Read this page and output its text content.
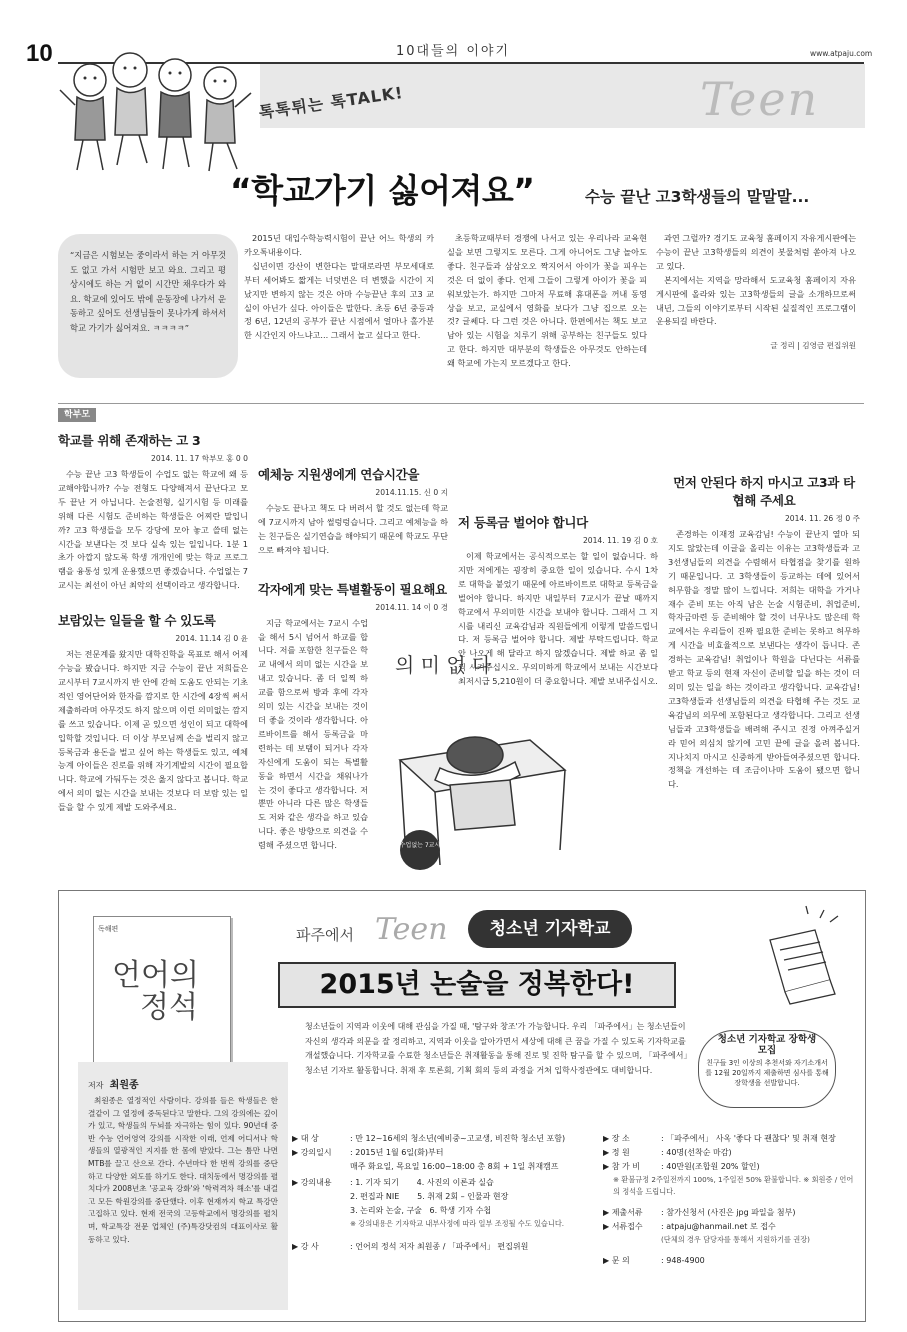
10	10대들의 이야기	www.atpaju.com
Teen
톡톡튀는 톡TALK!
“학교가기 싫어져요”	수능 끝난 고3학생들의 말말말...
“지금은 시험보는 중이라서 하는 거 아무것도 없고 가서 시험만 보고 와요. 그리고 평상시에도 하는 거 없이 시간만 채우다가 와요. 학교에 있어도 밖에 운동장에 나가서 운동하고 싶어도 선생님들이 못나가게 하셔서 학교 가기가 싫어져요. ㅋㅋㅋㅋ”

2015년 대입수학능력시험이 끝난 어느 학생의 카카오톡내용이다.

십년이면 강산이 변한다는 말대로라면 부모세대로부터 세어봐도 짧게는 너덧번은 더 변했을 시간이 지났지만 변하지 않는 것은 아마 수능끝난 후의 고3 교실이 아닌가 싶다. 아이들은 말한다. 초등 6년 중등과정 6년, 12년의 공부가 끝난 시점에서 얼마나 홀가분한 시간인지 아느냐고... 그래서 놀고 싶다고 한다.

초등학교때부터 경쟁에 나서고 있는 우리나라 교육현실을 보면 그렇지도 모른다. 그게 아니어도 그냥 놀아도 좋다. 친구들과 삼삼오오 짝지어서 아이가 꽃을 피우는 것은 더 없이 좋다. 언제 그들이 그렇게 아이가 꽃을 피워보았는가. 하지만 그마저 무료해 휴대폰을 꺼내 동영상을 보고, 교실에서 영화를 보다가 그냥 집으로 오는 것? 글쎄다. 다 그런 것은 아니다. 한편에서는 책도 보고 남아 있는 시험을 치루기 위해 공부하는 친구들도 있다고 한다. 하지만 대부분의 학생들은 아무것도 안하는데 왜 학교에 가는지 모르겠다고 한다.

과연 그럴까? 경기도 교육청 홈페이지 자유게시판에는 수능이 끝난 고3학생들의 의견이 봇물처럼 쏟아져 나오고 있다.

본지에서는 지역을 망라해서 도교육청 홈페이지 자유게시판에 올라와 있는 고3학생들의 글을 소개하므로써 내년, 그들의 이야기로부터 시작된 실질적인 프로그램이 운용되길 바란다.

글 정리 | 김영금 편집위원
학부모
학교를 위해 존재하는 고 3
2014. 11. 17 학부모 홍 0 0

수능 끝난 고3 학생들이 수업도 없는 학교에 왜 등교해야합니까? 수능 전형도 다양해져서 끝난다고 모두 끝난 거 아닙니다. 논술전형, 실기시험 등 미래를 위해 다른 시험도 준비하는 학생들은 어찌란 말입니까? 고3 학생들을 모두 강당에 모아 놓고 쓸데 없는 시간을 보낸다는 것 보다 실속 있는 일입니다. 1분 1초가 아깝지 않도록 학생 개개인에 맞는 학교 프로그램을 융통성 있게 운용했으면 좋겠습니다. 수업없는 7교시는 최선이 아닌 최악의 선택이라고 생각합니다.

보람있는 일들을 할 수 있도록
2014. 11.14 김 0 윤

저는 전문계를 왔지만 대학진학을 목표로 해서 어제 수능을 봤습니다. 하지만 지금 수능이 끝난 저희들은 교시부터 7교시까지 반 안에 갇혀 도움도 안되는 기초적인 영어단어와 한자를 깜지로 한 시간에 4장씩 써서 제출하라며 아무것도 하지 않으며 이런 의미없는 깜지를 쓰고 있습니다. 이제 곧 있으면 성인이 되고 대학에 입학할 것입니다. 더 이상 부모님께 손을 벌리지 않고 등록금과 용돈을 벌고 싶어 하는 학생들도 있고, 예체능계 아이들은 진로를 위해 자기계발의 시간이 필요합니다. 학교에 가둬두는 것은 옳지 않다고 봅니다. 학교에서 의미 없는 시간을 보내는 것보다 더 보람 있는 일들을 할 수 있게 제발 도와주세요.

예체능 지원생에게 연습시간을
2014.11.15. 신 0 지

수능도 끝나고 책도 다 버려서 할 것도 없는데 학교에 7교시까지 남아 썰렁렁습니다. 그리고 예체능을 하는 친구들은 실기연습을 해야되기 때문에 학교도 무단으로 빠져야 됩니다.

각자에게 맞는 특별활동이 필요해요
2014.11. 14 이 0 경

지금 학교에서는 7교시 수업을 해서 5시 넘어서 하교를 합니다. 저를 포함한 친구들은 학교 내에서 의미 없는 시간을 보내고 있습니다. 좀 더 일찍 하교를 함으로써 방과 후에 각자 의미 있는 시간을 보내는 것이 더 좋을 것이라 생각합니다. 아르바이트를 해서 등록금을 마련하는 데 보탬이 되거나 각자 자신에게 도움이 되는 특별활동을 하면서 시간을 채워나가는 것이 좋다고 생각합니다. 저 뿐만 아니라 다른 많은 학생들도 저와 같은 생각을 하고 있습니다. 좋은 방향으로 의견을 수렴해 주셨으면 합니다.

저 등록금 벌어야 합니다
2014. 11. 19 김 0 호

이제 학교에서는 공식적으로는 할 일이 없습니다. 하지만 저에게는 굉장히 중요한 일이 있습니다. 수시 1차로 대학을 붙었기 때문에 아르바이트로 대학교 등록금을 벌어야 합니다. 하지만 내일부터 7교시가 끝날 때까지 학교에서 무의미한 시간을 보내야 합니다. 그래서 그 지시를 내리신 교육감님과 직원들에게 이렇게 말씀드립니다. 저 등록금 벌어야 합니다. 제발 부탁드립니다. 학교 안 나오게 해 달라고 하지 않겠습니다. 제발 하교 좀 일찍 시켜주십시오. 무의미하게 학교에서 보내는 시간보다 최저시급 5,210원이 더 중요합니다. 제발 보내주십시오.

먼저 안된다 하지 마시고 고3과 타협해 주세요
2014. 11. 26 정 0 주

존경하는 이재정 교육감님! 수능이 끝난지 열마 되지도 않았는데 이글을 올리는 이유는 고3학생들과 고3선생님들의 의견을 수렴해서 타협점을 찾기를 원하기 때문입니다. 고 3학생들이 등교하는 데에 있어서 허무함을 정말 많이 느낍니다. 저희는 대학을 가거나 재수 준비 또는 아직 남은 논술 시험준비, 취업준비, 학자금마련 등 준비해야 할 것이 너무나도 많은데 학교에서는 우리들이 진짜 필요한 준비는 못하고 허무하게 시간을 비효율적으로 보낸다는 생각이 듭니다. 존경하는 교육감님! 취업이나 학원을 다닌다는 서류를 받고 학교 등의 현재 자신이 준비할 일을 하는 것이 더 의미 있는 일을 하는 것이라고 생각합니다. 교육감님! 고3학생들과 선생님들의 의견을 타협해 주는 것도 교육감님의 의무에 포함된다고 생각합니다. 그리고 선생님들과 고3학생들을 배려해 주시고 진정 아껴주실거라 믿어 의심치 않기에 고민 끝에 글을 올려 봅니다. 지나치지 마시고 신중하게 받아들여주셨으면 합니다. 정책을 개선하는 데 조금이나마 도움이 됐으면 합니다.

의 미 없 다
수업없는 7교시
독해편
언어의
정석
저자 최원종

최원종은 열정적인 사람이다. 강의를 들은 학생들은 한결같이 그 열정에 중독된다고 말한다. 그의 강의에는 깊이가 있고, 학생들의 두뇌를 자극하는 힘이 있다. 90년대 중반 수능 언어영역 강의를 시작한 이래, 언제 어디서나 학생들의 열광적인 지지를 한 몸에 받았다. 그는 틈만 나면 MTB를 끌고 산으로 간다. 수년마다 한 번씩 강의를 중단하고 다양한 외도를 하기도 한다. 대치동에서 명강의를 펼치다가 2008년초 '공교육 강화'와 '학력격차 해소'를 내걸고 모든 학원강의를 중단했다. 이후 현재까지 학교 특강만 고집하고 있다. 현재 전국의 고등학교에서 명강의를 펼치며, 학교특강 전문 업체인 (주)특강닷컴의 대표이사로 활동하고 있다.

파주에서 Teen	청소년 기자학교
2015년 논술을 정복한다!
청소년들이 지역과 이웃에 대해 관심을 가질 때, '탐구와 창조'가 가능합니다. 우리 「파주에서」는 청소년들이 자신의 생각과 의문을 잘 정리하고, 지역과 이웃을 알아가면서 세상에 대해 큰 꿈을 가질 수 있도록 기자학교를 개설했습니다. 기자학교를 수료한 청소년들은 취재활동을 통해 진로 및 진학 탐구를 할 수 있으며, 「파주에서」 청소년 기자로 활동합니다. 취재 후 토론회, 기획 회의 등의 과정을 거쳐 입학사정관에도 대비합니다.
청소년 기자학교 장학생 모집
친구들 3인 이상의 추천서와 자기소개서를 12월 20일까지 제출하면 심사를 통해 장학생을 선발합니다.
▶ 대 상	: 만 12~16세의 청소년(예비중~고교생, 비진학 청소년 포함)
▶ 강의일시	: 2015년 1월 6일(화)부터
매주 화요일, 목요일 16:00~18:00 총 8회 + 1일 취재캠프
▶ 강의내용	: 1. 기자 되기       4. 사진의 이론과 실습
2. 편집과 NIE       5. 취재 2회 – 인물과 현장
3. 논리와 논술, 구술   6. 학생 기자 수첩
※ 강의내용은 기자학교 내부사정에 따라 일부 조정될 수도 있습니다.
▶ 강 사	: 언어의 정석 저자 최원종 / 「파주에서」 편집위원
▶ 장 소	: 「파주에서」 사옥 '좋다 다 괜찮다' 및 취재 현장
▶ 정 원	: 40명(선착순 마감)
▶ 참 가 비	: 40만원(조합원 20% 할인)
※ 환불규정 2주일전까지 100%, 1주일전 50% 환불합니다. ※ 회원증 / 언어의 정석을 드립니다.
▶ 제출서류	: 참가신청서 (사진은 jpg 파일을 첨부)
▶ 서류접수	: atpaju@hanmail.net 로 접수
(단체의 경우 담당자를 통해서 지원하기를 권장)
▶ 문 의	: 948-4900
